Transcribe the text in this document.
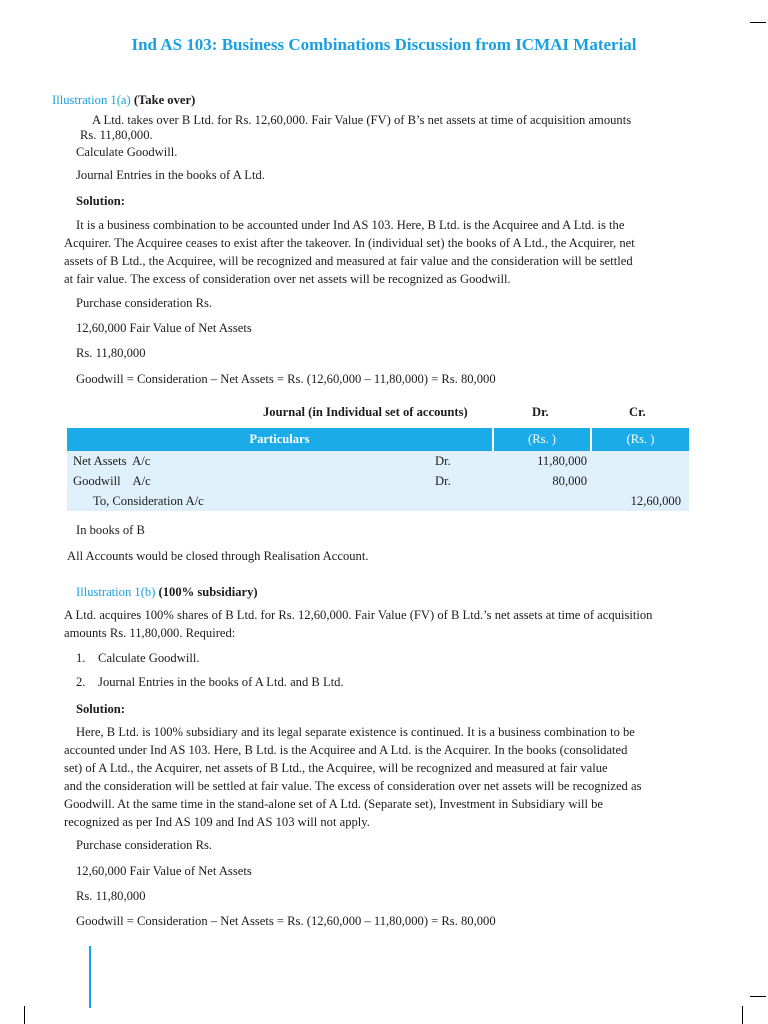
Ind AS 103: Business Combinations Discussion from ICMAI Material
Illustration 1(a) (Take over)
A Ltd. takes over B Ltd. for Rs. 12,60,000. Fair Value (FV) of B’s net assets at time of acquisition amounts
Rs. 11,80,000.
Calculate Goodwill.
Journal Entries in the books of A Ltd.
Solution:

It is a business combination to be accounted under Ind AS 103. Here, B Ltd. is the Acquiree and A Ltd. is the

Acquirer. The Acquiree ceases to exist after the takeover. In (individual set) the books of A Ltd., the Acquirer, net

assets of B Ltd., the Acquiree, will be recognized and measured at fair value and the consideration will be settled

at fair value. The excess of consideration over net assets will be recognized as Goodwill.

Purchase consideration Rs.
12,60,000 Fair Value of Net Assets
Rs. 11,80,000
Goodwill = Consideration – Net Assets = Rs. (12,60,000 – 11,80,000) = Rs. 80,000
Journal (in Individual set of accounts)	Dr.	Cr.
Particulars	(Rs. )	(Rs. )
Net Assets  A/c Dr.	11,80,000	
Goodwill    A/c Dr.	80,000	
To, Consideration A/c		12,60,000
In books of B
All Accounts would be closed through Realisation Account.
Illustration 1(b) (100% subsidiary)
A Ltd. acquires 100% shares of B Ltd. for Rs. 12,60,000. Fair Value (FV) of B Ltd.’s net assets at time of acquisition
amounts Rs. 11,80,000. Required:
1.    Calculate Goodwill.
2.    Journal Entries in the books of A Ltd. and B Ltd.
Solution:

Here, B Ltd. is 100% subsidiary and its legal separate existence is continued. It is a business combination to be

accounted under Ind AS 103. Here, B Ltd. is the Acquiree and A Ltd. is the Acquirer. In the books (consolidated

set) of A Ltd., the Acquirer, net assets of B Ltd., the Acquiree, will be recognized and measured at fair value

and the consideration will be settled at fair value. The excess of consideration over net assets will be recognized as

Goodwill. At the same time in the stand-alone set of A Ltd. (Separate set), Investment in Subsidiary will be

recognized as per Ind AS 109 and Ind AS 103 will not apply.

Purchase consideration Rs.
12,60,000 Fair Value of Net Assets
Rs. 11,80,000
Goodwill = Consideration – Net Assets = Rs. (12,60,000 – 11,80,000) = Rs. 80,000
